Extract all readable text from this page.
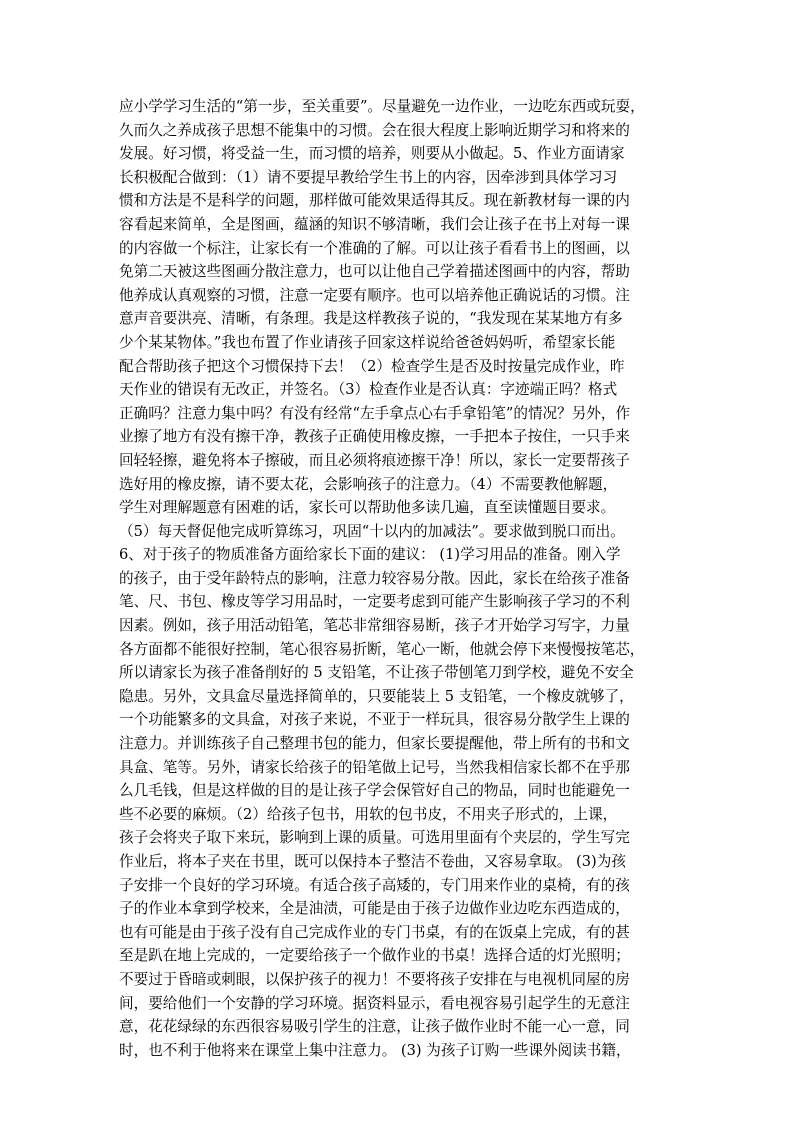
应小学学习生活的“第一步，至关重要”。尽量避免一边作业，一边吃东西或玩耍，
久而久之养成孩子思想不能集中的习惯。会在很大程度上影响近期学习和将来的
发展。好习惯，将受益一生，而习惯的培养，则要从小做起。5、作业方面请家
长积极配合做到：（1）请不要提早教给学生书上的内容，因牵涉到具体学习习
惯和方法是不是科学的问题，那样做可能效果适得其反。现在新教材每一课的内
容看起来简单，全是图画，蕴涵的知识不够清晰，我们会让孩子在书上对每一课
的内容做一个标注，让家长有一个准确的了解。可以让孩子看看书上的图画，以
免第二天被这些图画分散注意力，也可以让他自己学着描述图画中的内容，帮助
他养成认真观察的习惯，注意一定要有顺序。也可以培养他正确说话的习惯。注
意声音要洪亮、清晰，有条理。我是这样教孩子说的，“我发现在某某地方有多
少个某某物体。”我也布置了作业请孩子回家这样说给爸爸妈妈听，希望家长能
配合帮助孩子把这个习惯保持下去！（2）检查学生是否及时按量完成作业，昨
天作业的错误有无改正，并签名。（3）检查作业是否认真：字迹端正吗？格式
正确吗？注意力集中吗？有没有经常“左手拿点心右手拿铅笔”的情况？另外，作
业擦了地方有没有擦干净，教孩子正确使用橡皮擦，一手把本子按住，一只手来
回轻轻擦，避免将本子擦破，而且必须将痕迹擦干净！所以，家长一定要帮孩子
选好用的橡皮擦，请不要太花，会影响孩子的注意力。（4）不需要教他解题，
学生对理解题意有困难的话，家长可以帮助他多读几遍，直至读懂题目要求。
（5）每天督促他完成听算练习，巩固“十以内的加减法”。要求做到脱口而出。
6、对于孩子的物质准备方面给家长下面的建议： (1)学习用品的准备。刚入学
的孩子，由于受年龄特点的影响，注意力较容易分散。因此，家长在给孩子准备
笔、尺、书包、橡皮等学习用品时，一定要考虑到可能产生影响孩子学习的不利
因素。例如，孩子用活动铅笔，笔芯非常细容易断，孩子才开始学习写字，力量
各方面都不能很好控制，笔心很容易折断，笔心一断，他就会停下来慢慢按笔芯，
所以请家长为孩子准备削好的 5 支铅笔，不让孩子带刨笔刀到学校，避免不安全
隐患。另外，文具盒尽量选择简单的，只要能装上 5 支铅笔，一个橡皮就够了，
一个功能繁多的文具盒，对孩子来说，不亚于一样玩具，很容易分散学生上课的
注意力。并训练孩子自己整理书包的能力，但家长要提醒他，带上所有的书和文
具盒、笔等。另外，请家长给孩子的铅笔做上记号，当然我相信家长都不在乎那
么几毛钱，但是这样做的目的是让孩子学会保管好自己的物品，同时也能避免一
些不必要的麻烦。（2）给孩子包书，用软的包书皮，不用夹子形式的，上课，
孩子会将夹子取下来玩，影响到上课的质量。可选用里面有个夹层的，学生写完
作业后，将本子夹在书里，既可以保持本子整洁不卷曲，又容易拿取。 (3)为孩
子安排一个良好的学习环境。有适合孩子高矮的，专门用来作业的桌椅，有的孩
子的作业本拿到学校来，全是油渍，可能是由于孩子边做作业边吃东西造成的，
也有可能是由于孩子没有自己完成作业的专门书桌，有的在饭桌上完成，有的甚
至是趴在地上完成的，一定要给孩子一个做作业的书桌！选择合适的灯光照明；
不要过于昏暗或刺眼，以保护孩子的视力！不要将孩子安排在与电视机同屋的房
间，要给他们一个安静的学习环境。据资料显示，看电视容易引起学生的无意注
意，花花绿绿的东西很容易吸引学生的注意，让孩子做作业时不能一心一意，同
时，也不利于他将来在课堂上集中注意力。 (3) 为孩子订购一些课外阅读书籍，
